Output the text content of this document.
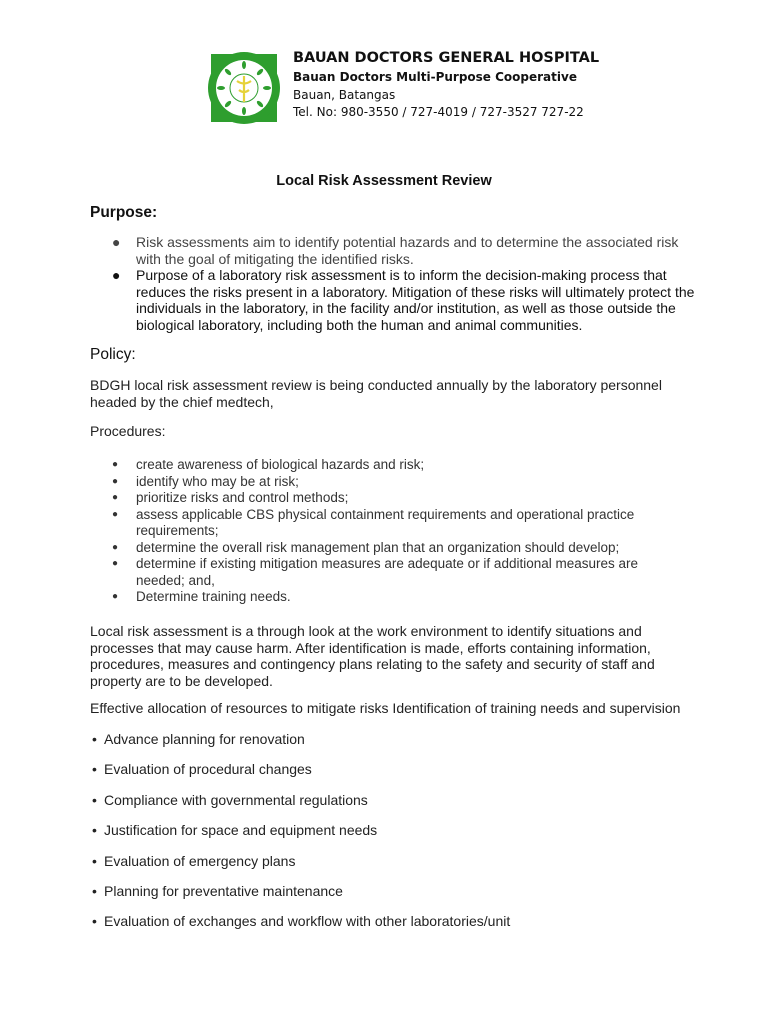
BAUAN DOCTORS GENERAL HOSPITAL
Bauan Doctors Multi-Purpose Cooperative
Bauan, Batangas
Tel. No: 980-3550 / 727-4019 / 727-3527 727-22
Local Risk Assessment Review
Purpose:
● Risk assessments aim to identify potential hazards and to determine the associated risk with the goal of mitigating the identified risks.
● Purpose of a laboratory risk assessment is to inform the decision-making process that reduces the risks present in a laboratory. Mitigation of these risks will ultimately protect the individuals in the laboratory, in the facility and/or institution, as well as those outside the biological laboratory, including both the human and animal communities.
Policy:
BDGH local risk assessment review is being conducted annually by the laboratory personnel headed by the chief medtech,
Procedures:
● create awareness of biological hazards and risk;
● identify who may be at risk;
● prioritize risks and control methods;
● assess applicable CBS physical containment requirements and operational practice requirements;
● determine the overall risk management plan that an organization should develop;
● determine if existing mitigation measures are adequate or if additional measures are needed; and,
● Determine training needs.
Local risk assessment is a through look at the work environment to identify situations and processes that may cause harm. After identification is made, efforts containing information, procedures, measures and contingency plans relating to the safety and security of staff and property are to be developed.
Effective allocation of resources to mitigate risks Identification of training needs and supervision
• Advance planning for renovation
• Evaluation of procedural changes
• Compliance with governmental regulations
• Justification for space and equipment needs
• Evaluation of emergency plans
• Planning for preventative maintenance
• Evaluation of exchanges and workflow with other laboratories/unit
